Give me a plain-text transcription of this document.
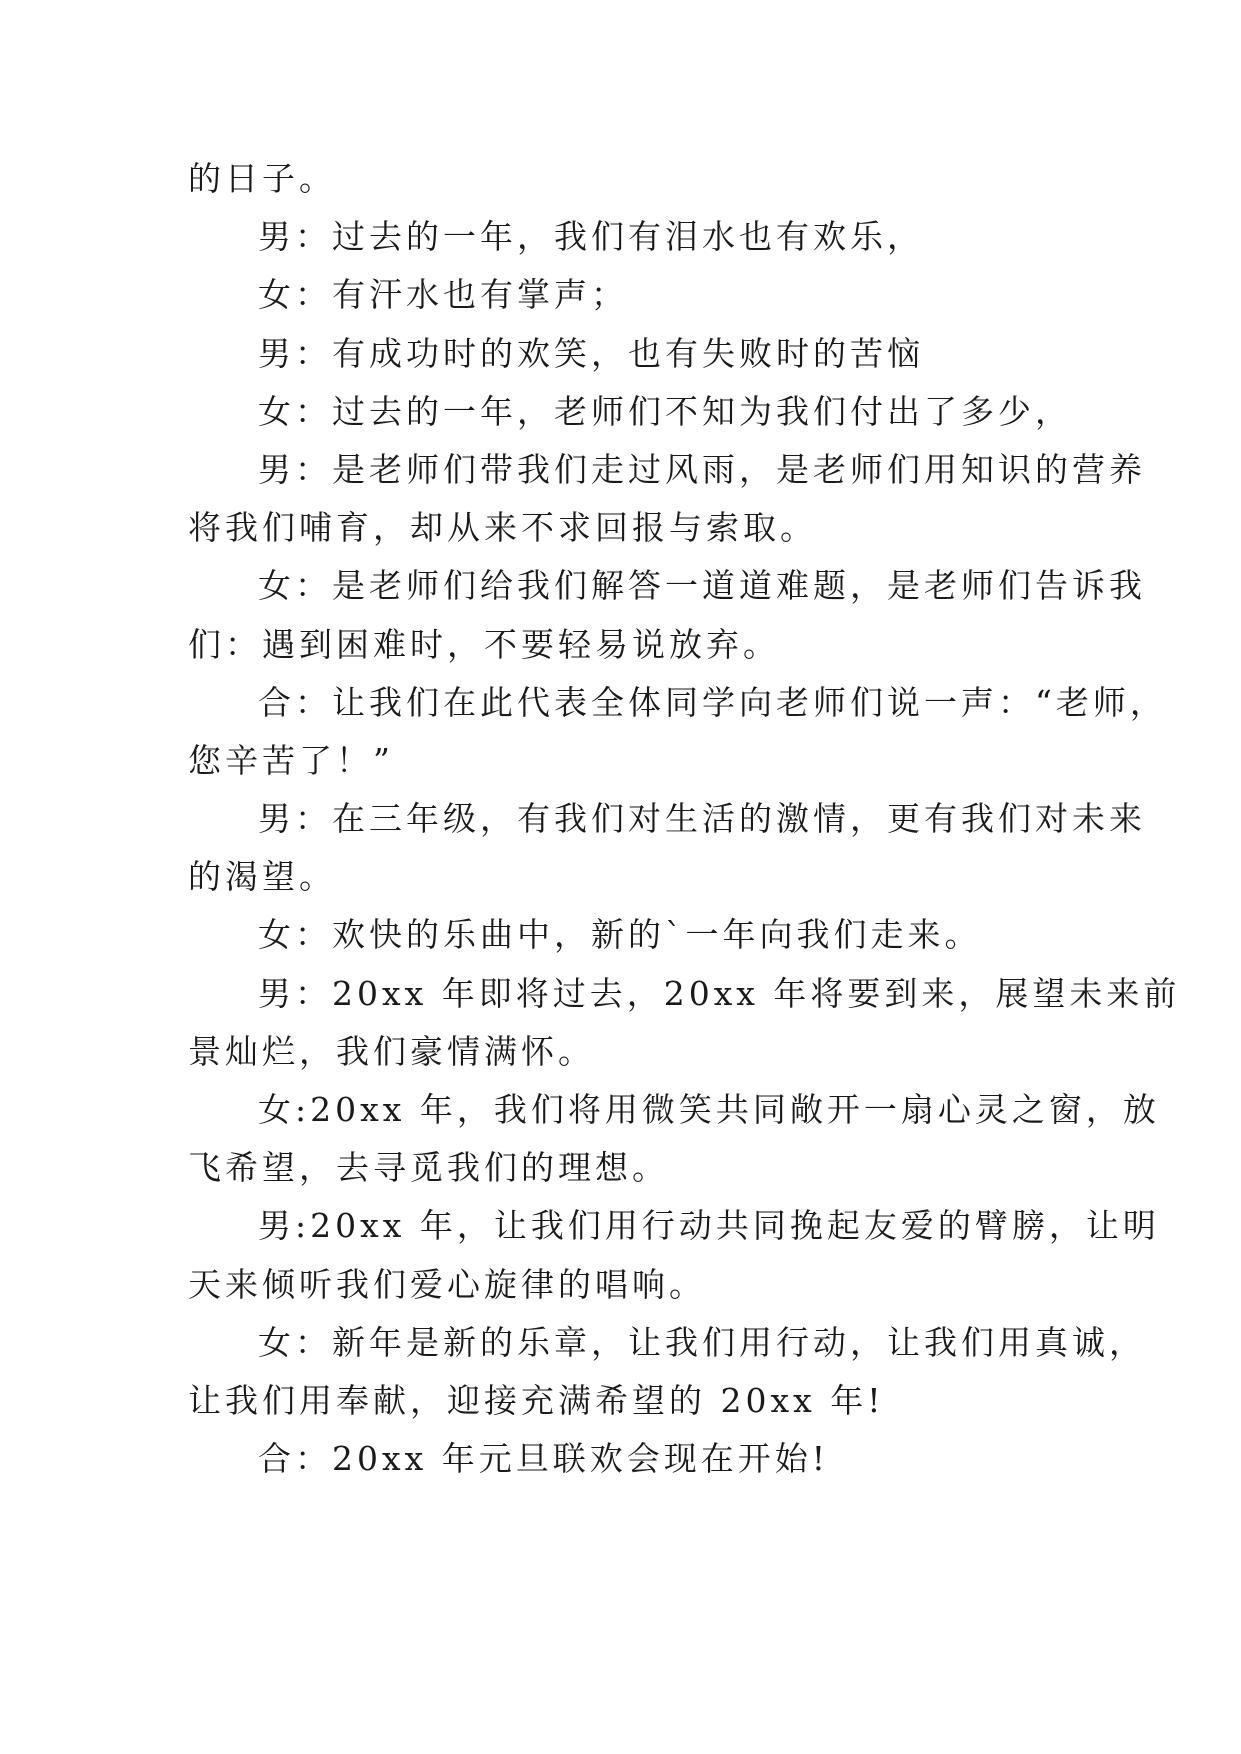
的日子。
男：过去的一年，我们有泪水也有欢乐，
女：有汗水也有掌声；
男：有成功时的欢笑，也有失败时的苦恼
女：过去的一年，老师们不知为我们付出了多少，
男：是老师们带我们走过风雨，是老师们用知识的营养
将我们哺育，却从来不求回报与索取。
女：是老师们给我们解答一道道难题，是老师们告诉我
们：遇到困难时，不要轻易说放弃。
合：让我们在此代表全体同学向老师们说一声：“老师，
您辛苦了！”
男：在三年级，有我们对生活的激情，更有我们对未来
的渴望。
女：欢快的乐曲中，新的`一年向我们走来。
男：20xx 年即将过去，20xx 年将要到来，展望未来前
景灿烂，我们豪情满怀。
女:20xx 年，我们将用微笑共同敞开一扇心灵之窗，放
飞希望，去寻觅我们的理想。
男:20xx 年，让我们用行动共同挽起友爱的臂膀，让明
天来倾听我们爱心旋律的唱响。
女：新年是新的乐章，让我们用行动，让我们用真诚，
让我们用奉献，迎接充满希望的 20xx 年!
合：20xx 年元旦联欢会现在开始!
